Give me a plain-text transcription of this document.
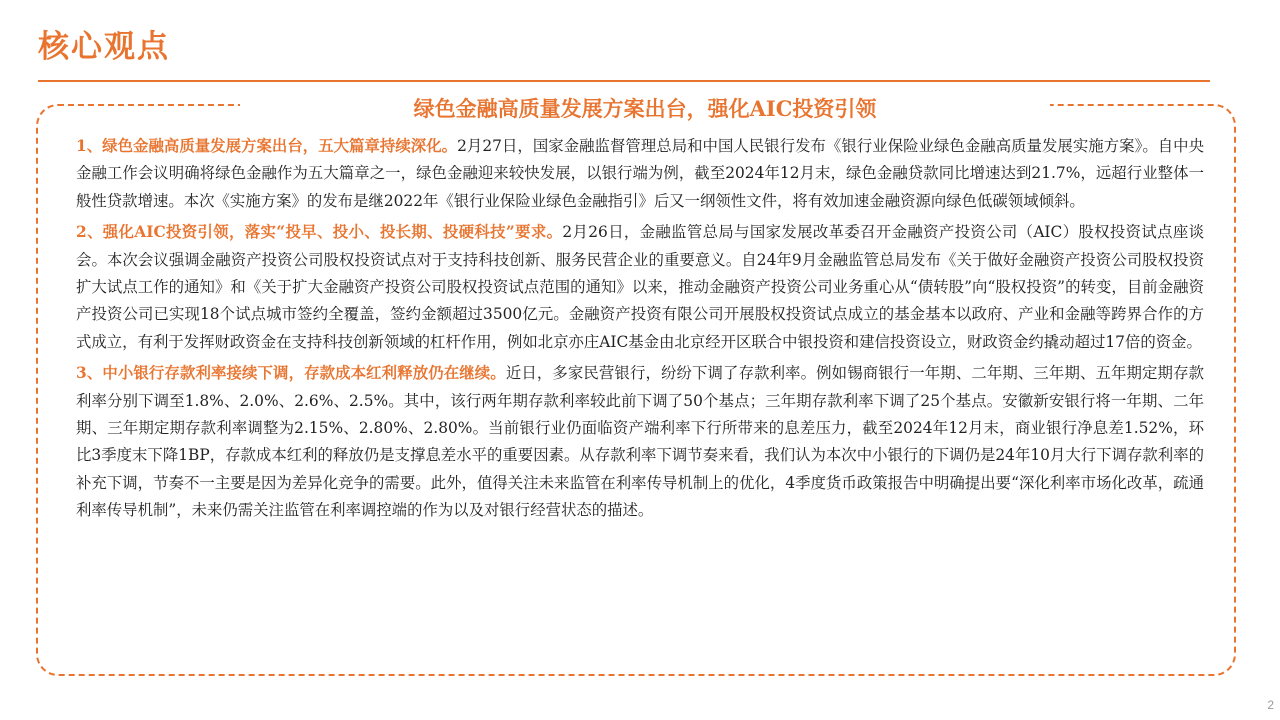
核心观点
绿色金融高质量发展方案出台，强化AIC投资引领

1、绿色金融高质量发展方案出台，五大篇章持续深化。2月27日，国家金融监督管理总局和中国人民银行发布《银行业保险业绿色金融高质量发展实施方案》。自中央金融工作会议明确将绿色金融作为五大篇章之一，绿色金融迎来较快发展，以银行端为例，截至2024年12月末，绿色金融贷款同比增速达到21.7%，远超行业整体一般性贷款增速。本次《实施方案》的发布是继2022年《银行业保险业绿色金融指引》后又一纲领性文件，将有效加速金融资源向绿色低碳领域倾斜。

2、强化AIC投资引领，落实“投早、投小、投长期、投硬科技”要求。2月26日，金融监管总局与国家发展改革委召开金融资产投资公司（AIC）股权投资试点座谈会。本次会议强调金融资产投资公司股权投资试点对于支持科技创新、服务民营企业的重要意义。自24年9月金融监管总局发布《关于做好金融资产投资公司股权投资扩大试点工作的通知》和《关于扩大金融资产投资公司股权投资试点范围的通知》以来，推动金融资产投资公司业务重心从“债转股”向“股权投资”的转变，目前金融资产投资公司已实现18个试点城市签约全覆盖，签约金额超过3500亿元。金融资产投资有限公司开展股权投资试点成立的基金基本以政府、产业和金融等跨界合作的方式成立，有利于发挥财政资金在支持科技创新领域的杠杆作用，例如北京亦庄AIC基金由北京经开区联合中银投资和建信投资设立，财政资金约撬动超过17倍的资金。

3、中小银行存款利率接续下调，存款成本红利释放仍在继续。近日，多家民营银行，纷纷下调了存款利率。例如锡商银行一年期、二年期、三年期、五年期定期存款利率分别下调至1.8%、2.0%、2.6%、2.5%。其中，该行两年期存款利率较此前下调了50个基点；三年期存款利率下调了25个基点。安徽新安银行将一年期、二年期、三年期定期存款利率调整为2.15%、2.80%、2.80%。当前银行业仍面临资产端利率下行所带来的息差压力，截至2024年12月末，商业银行净息差1.52%，环比3季度末下降1BP，存款成本红利的释放仍是支撑息差水平的重要因素。从存款利率下调节奏来看，我们认为本次中小银行的下调仍是24年10月大行下调存款利率的补充下调，节奏不一主要是因为差异化竞争的需要。此外，值得关注未来监管在利率传导机制上的优化，4季度货币政策报告中明确提出要“深化利率市场化改革，疏通利率传导机制”，未来仍需关注监管在利率调控端的作为以及对银行经营状态的描述。

2
